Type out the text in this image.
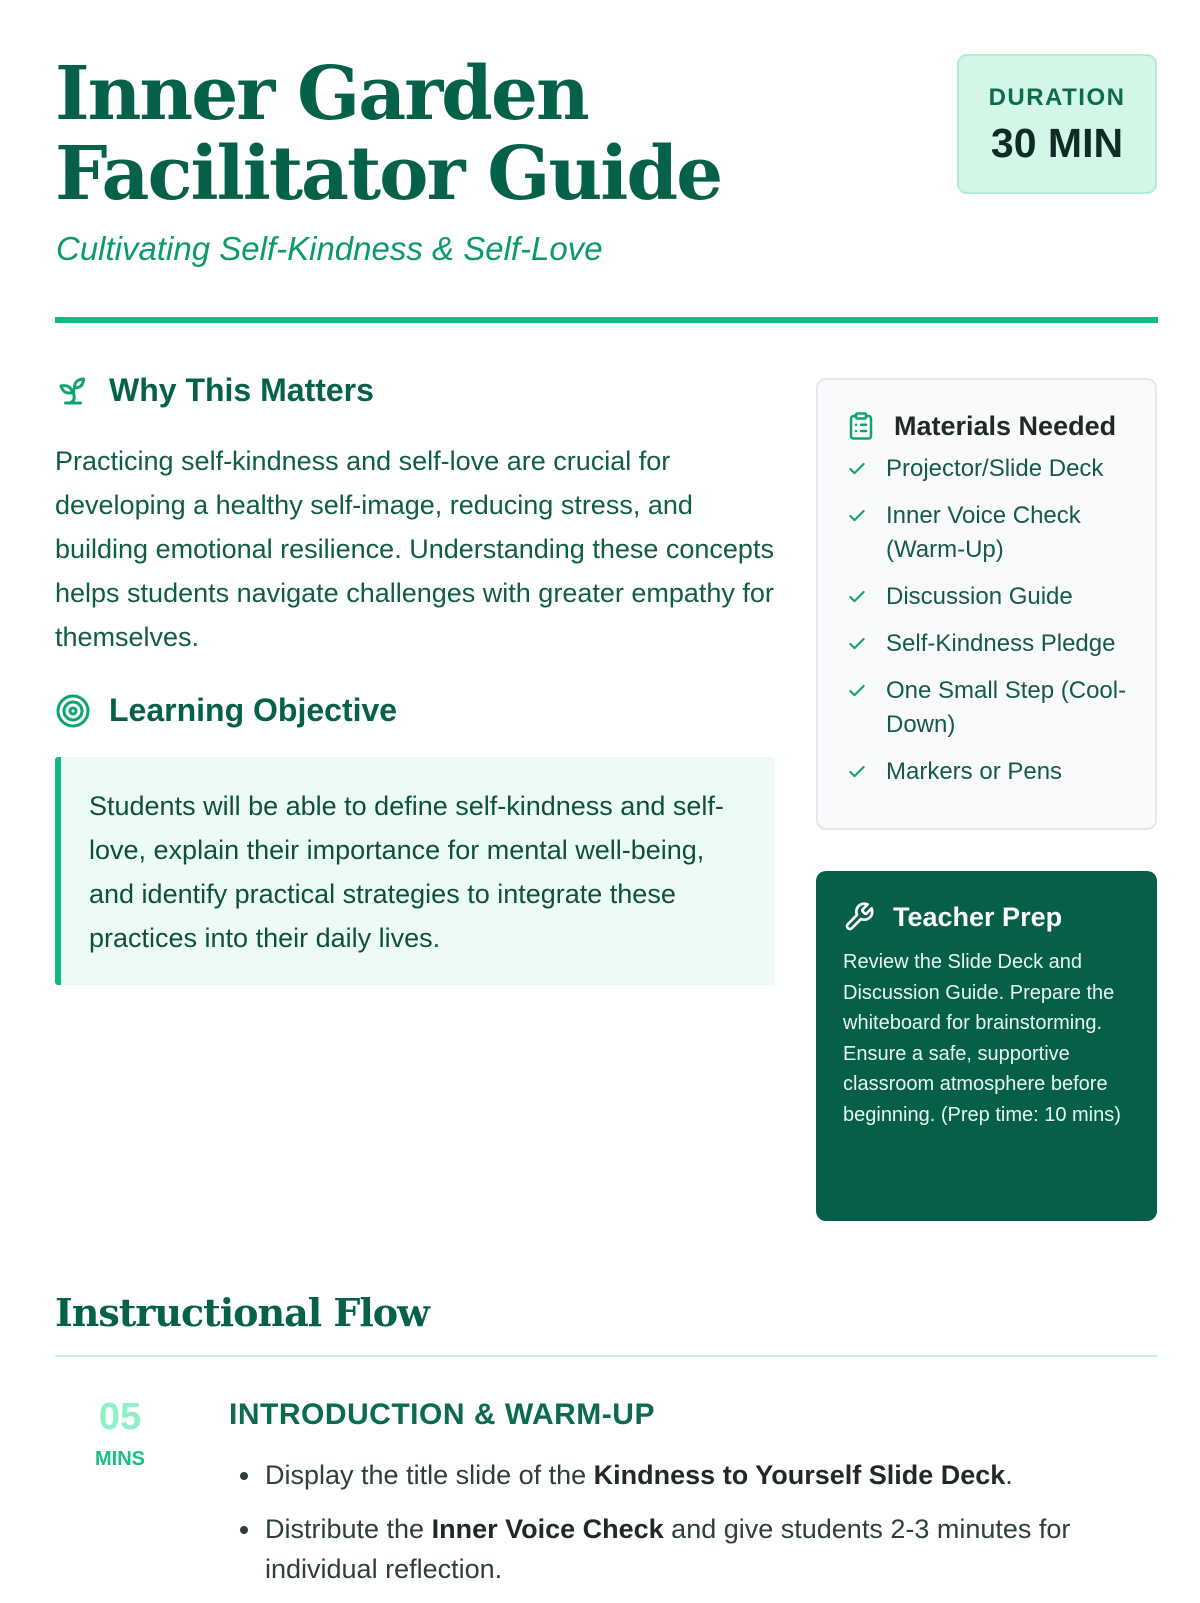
Inner Garden
Facilitator Guide
Cultivating Self-Kindness & Self-Love
DURATION
30 MIN
Why This Matters

Practicing self-kindness and self-love are crucial for developing a healthy self-image, reducing stress, and building emotional resilience. Understanding these concepts helps students navigate challenges with greater empathy for themselves.

Learning Objective
Students will be able to define self-kindness and self-love, explain their importance for mental well-being, and identify practical strategies to integrate these practices into their daily lives.
Materials Needed
Projector/Slide Deck
Inner Voice Check (Warm-Up)
Discussion Guide
Self-Kindness Pledge
One Small Step (Cool-Down)
Markers or Pens
Teacher Prep
Review the Slide Deck and Discussion Guide. Prepare the whiteboard for brainstorming. Ensure a safe, supportive classroom atmosphere before beginning. (Prep time: 10 mins)
Instructional Flow
05
MINS
INTRODUCTION & WARM-UP
• Display the title slide of the Kindness to Yourself Slide Deck.
• Distribute the Inner Voice Check and give students 2-3 minutes for individual reflection.
